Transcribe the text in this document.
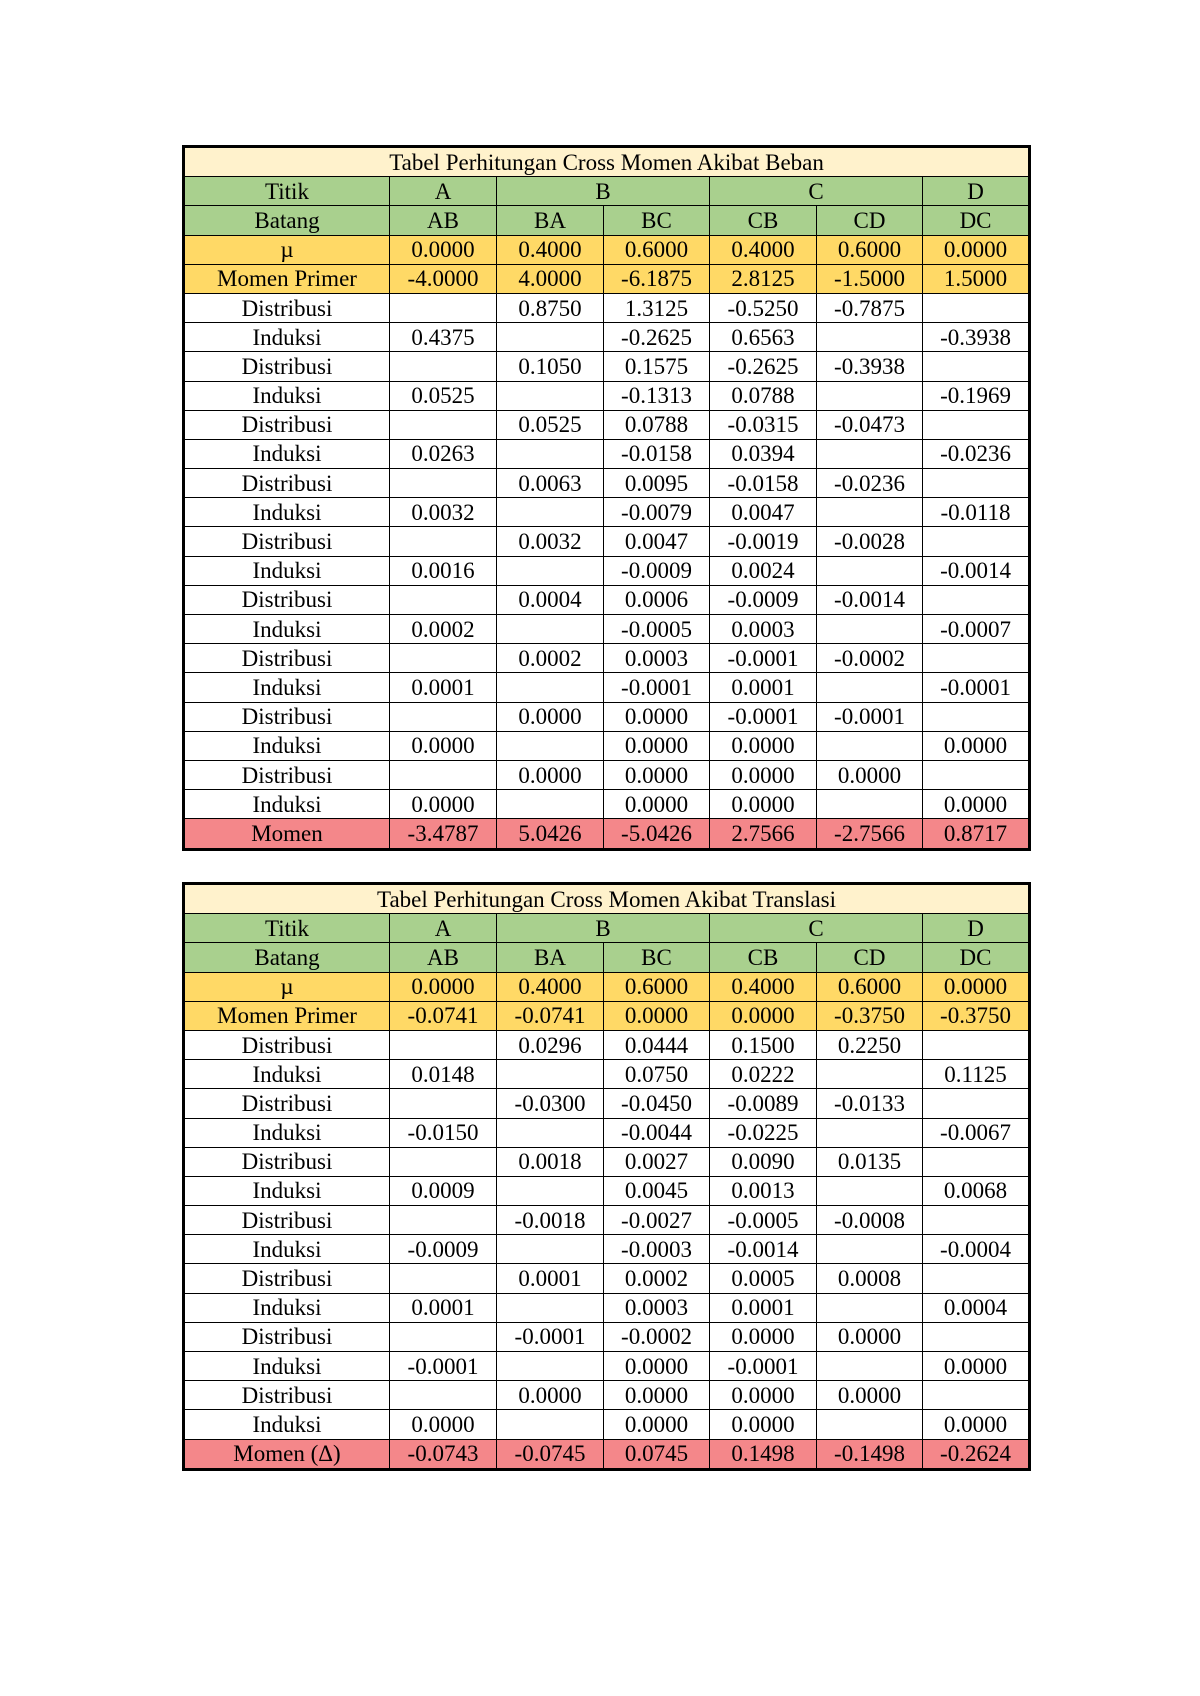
Tabel Perhitungan Cross Momen Akibat Beban						
Titik	A	B		C		D
Batang	AB	BA	BC	CB	CD	DC
µ	0.0000	0.4000	0.6000	0.4000	0.6000	0.0000
Momen Primer	-4.0000	4.0000	-6.1875	2.8125	-1.5000	1.5000
Distribusi		0.8750	1.3125	-0.5250	-0.7875	
Induksi	0.4375		-0.2625	0.6563		-0.3938
Distribusi		0.1050	0.1575	-0.2625	-0.3938	
Induksi	0.0525		-0.1313	0.0788		-0.1969
Distribusi		0.0525	0.0788	-0.0315	-0.0473	
Induksi	0.0263		-0.0158	0.0394		-0.0236
Distribusi		0.0063	0.0095	-0.0158	-0.0236	
Induksi	0.0032		-0.0079	0.0047		-0.0118
Distribusi		0.0032	0.0047	-0.0019	-0.0028	
Induksi	0.0016		-0.0009	0.0024		-0.0014
Distribusi		0.0004	0.0006	-0.0009	-0.0014	
Induksi	0.0002		-0.0005	0.0003		-0.0007
Distribusi		0.0002	0.0003	-0.0001	-0.0002	
Induksi	0.0001		-0.0001	0.0001		-0.0001
Distribusi		0.0000	0.0000	-0.0001	-0.0001	
Induksi	0.0000		0.0000	0.0000		0.0000
Distribusi		0.0000	0.0000	0.0000	0.0000	
Induksi	0.0000		0.0000	0.0000		0.0000
Momen	-3.4787	5.0426	-5.0426	2.7566	-2.7566	0.8717
Tabel Perhitungan Cross Momen Akibat Translasi						
Titik	A	B		C		D
Batang	AB	BA	BC	CB	CD	DC
µ	0.0000	0.4000	0.6000	0.4000	0.6000	0.0000
Momen Primer	-0.0741	-0.0741	0.0000	0.0000	-0.3750	-0.3750
Distribusi		0.0296	0.0444	0.1500	0.2250	
Induksi	0.0148		0.0750	0.0222		0.1125
Distribusi		-0.0300	-0.0450	-0.0089	-0.0133	
Induksi	-0.0150		-0.0044	-0.0225		-0.0067
Distribusi		0.0018	0.0027	0.0090	0.0135	
Induksi	0.0009		0.0045	0.0013		0.0068
Distribusi		-0.0018	-0.0027	-0.0005	-0.0008	
Induksi	-0.0009		-0.0003	-0.0014		-0.0004
Distribusi		0.0001	0.0002	0.0005	0.0008	
Induksi	0.0001		0.0003	0.0001		0.0004
Distribusi		-0.0001	-0.0002	0.0000	0.0000	
Induksi	-0.0001		0.0000	-0.0001		0.0000
Distribusi		0.0000	0.0000	0.0000	0.0000	
Induksi	0.0000		0.0000	0.0000		0.0000
Momen (Δ)	-0.0743	-0.0745	0.0745	0.1498	-0.1498	-0.2624
